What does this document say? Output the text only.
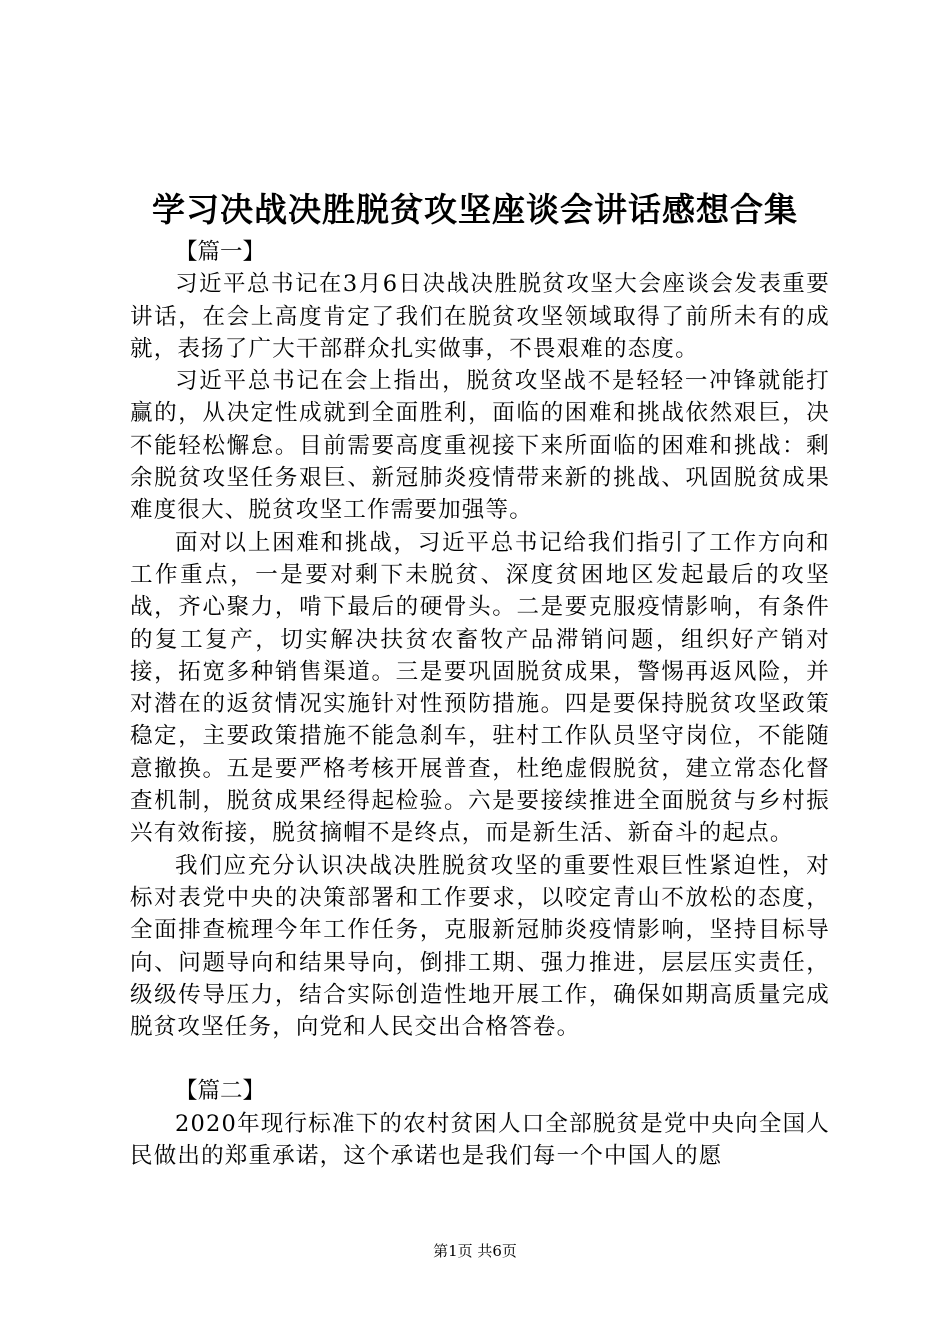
学习决战决胜脱贫攻坚座谈会讲话感想合集

【篇一】

习近平总书记在3月6日决战决胜脱贫攻坚大会座谈会发表重要讲话，在会上高度肯定了我们在脱贫攻坚领域取得了前所未有的成就，表扬了广大干部群众扎实做事，不畏艰难的态度。

习近平总书记在会上指出，脱贫攻坚战不是轻轻一冲锋就能打赢的，从决定性成就到全面胜利，面临的困难和挑战依然艰巨，决不能轻松懈怠。目前需要高度重视接下来所面临的困难和挑战：剩余脱贫攻坚任务艰巨、新冠肺炎疫情带来新的挑战、巩固脱贫成果难度很大、脱贫攻坚工作需要加强等。

面对以上困难和挑战，习近平总书记给我们指引了工作方向和工作重点，一是要对剩下未脱贫、深度贫困地区发起最后的攻坚战，齐心聚力，啃下最后的硬骨头。二是要克服疫情影响，有条件的复工复产，切实解决扶贫农畜牧产品滞销问题，组织好产销对接，拓宽多种销售渠道。三是要巩固脱贫成果，警惕再返风险，并对潜在的返贫情况实施针对性预防措施。四是要保持脱贫攻坚政策稳定，主要政策措施不能急刹车，驻村工作队员坚守岗位，不能随意撤换。五是要严格考核开展普查，杜绝虚假脱贫，建立常态化督查机制，脱贫成果经得起检验。六是要接续推进全面脱贫与乡村振兴有效衔接，脱贫摘帽不是终点，而是新生活、新奋斗的起点。

我们应充分认识决战决胜脱贫攻坚的重要性艰巨性紧迫性，对标对表党中央的决策部署和工作要求，以咬定青山不放松的态度，全面排查梳理今年工作任务，克服新冠肺炎疫情影响，坚持目标导向、问题导向和结果导向，倒排工期、强力推进，层层压实责任，级级传导压力，结合实际创造性地开展工作，确保如期高质量完成脱贫攻坚任务，向党和人民交出合格答卷。

【篇二】

2020年现行标准下的农村贫困人口全部脱贫是党中央向全国人民做出的郑重承诺，这个承诺也是我们每一个中国人的愿

第1页 共6页
